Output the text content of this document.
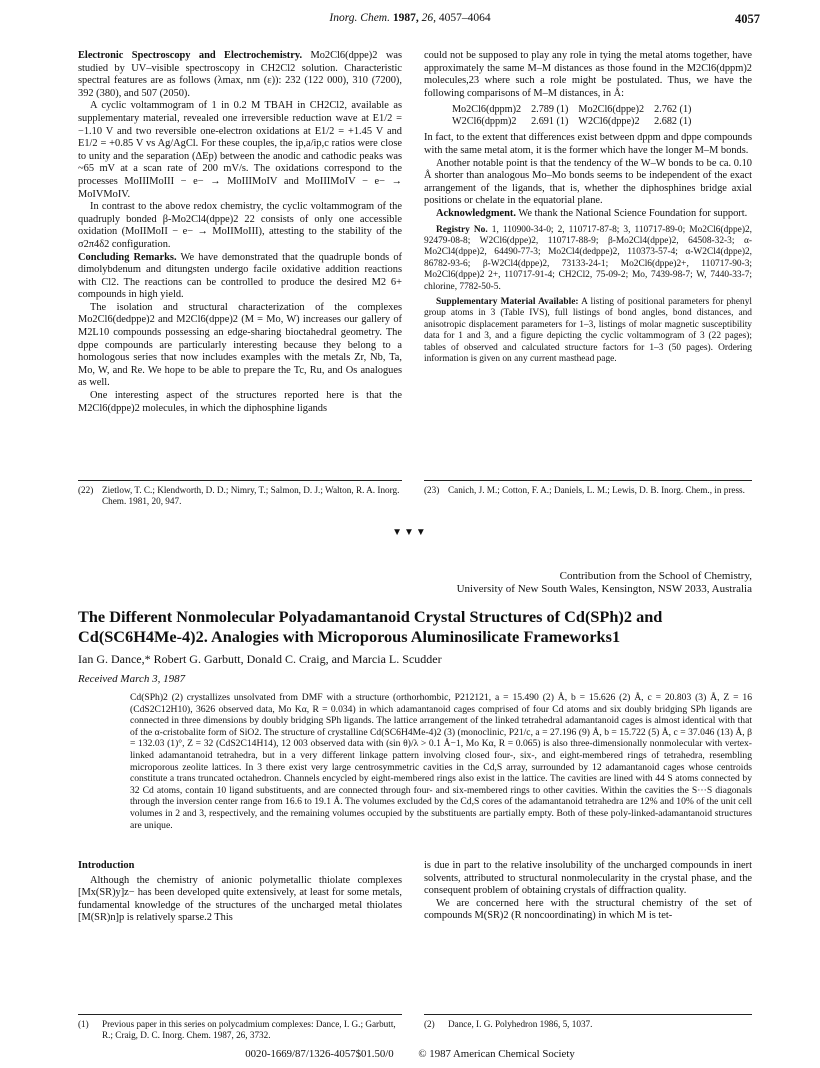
Inorg. Chem. 1987, 26, 4057–4064	4057

Electronic Spectroscopy and Electrochemistry. Mo2Cl6(dppe)2 was studied by UV–visible spectroscopy in CH2Cl2 solution. Characteristic spectral features are as follows (λmax, nm (ε)): 232 (122 000), 310 (7200), 392 (380), and 507 (2050).

A cyclic voltammogram of 1 in 0.2 M TBAH in CH2Cl2, available as supplementary material, revealed one irreversible reduction wave at E1/2 = −1.10 V and two reversible one-electron oxidations at E1/2 = +1.45 V and E1/2 = +0.85 V vs Ag/AgCl. For these couples, the ip,a/ip,c ratios were close to unity and the separation (ΔEp) between the anodic and cathodic peaks was ~65 mV at a scan rate of 200 mV/s. The oxidations correspond to the processes MoIIIMoIII − e− → MoIIIMoIV and MoIIIMoIV − e− → MoIVMoIV.

In contrast to the above redox chemistry, the cyclic voltammogram of the quadruply bonded β-Mo2Cl4(dppe)2 22 consists of only one accessible oxidation (MoIIMoII − e− → MoIIMoIII), attesting to the stability of the σ2π4δ2 configuration.

Concluding Remarks. We have demonstrated that the quadruple bonds of dimolybdenum and ditungsten undergo facile oxidative addition reactions with Cl2. The reactions can be controlled to produce the desired M2 6+ compounds in high yield.

The isolation and structural characterization of the complexes Mo2Cl6(dedppe)2 and M2Cl6(dppe)2 (M = Mo, W) increases our gallery of M2L10 compounds possessing an edge-sharing bioctahedral geometry. The dppe compounds are particularly interesting because they belong to a homologous series that now includes examples with the metals Zr, Nb, Ta, Mo, W, and Re. We hope to be able to prepare the Tc, Ru, and Os analogues as well.

One interesting aspect of the structures reported here is that the M2Cl6(dppe)2 molecules, in which the diphosphine ligands

could not be supposed to play any role in tying the metal atoms together, have approximately the same M–M distances as those found in the M2Cl6(dppm)2 molecules,23 where such a role might be postulated. Thus, we have the following comparisons of M–M distances, in Å:

Mo2Cl6(dppm)2	2.789 (1)	Mo2Cl6(dppe)2	2.762 (1)
W2Cl6(dppm)2	2.691 (1)	W2Cl6(dppe)2	2.682 (1)

In fact, to the extent that differences exist between dppm and dppe compounds with the same metal atom, it is the former which have the longer M–M bonds.

Another notable point is that the tendency of the W–W bonds to be ca. 0.10 Å shorter than analogous Mo–Mo bonds seems to be independent of the exact arrangement of the ligands, that is, whether the diphosphines bridge axial positions or chelate in the equatorial plane.

Acknowledgment. We thank the National Science Foundation for support.

Registry No. 1, 110900-34-0; 2, 110717-87-8; 3, 110717-89-0; Mo2Cl6(dppe)2, 92479-08-8; W2Cl6(dppe)2, 110717-88-9; β-Mo2Cl4(dppe)2, 64508-32-3; α-Mo2Cl4(dppe)2, 64490-77-3; Mo2Cl4(dedppe)2, 110373-57-4; α-W2Cl4(dppe)2, 86782-93-6; β-W2Cl4(dppe)2, 73133-24-1; Mo2Cl6(dppe)2+, 110717-90-3; Mo2Cl6(dppe)2 2+, 110717-91-4; CH2Cl2, 75-09-2; Mo, 7439-98-7; W, 7440-33-7; chlorine, 7782-50-5.

Supplementary Material Available: A listing of positional parameters for phenyl group atoms in 3 (Table IVS), full listings of bond angles, bond distances, and anisotropic displacement parameters for 1–3, listings of molar magnetic susceptibility data for 1 and 3, and a figure depicting the cyclic voltammogram of 3 (22 pages); tables of observed and calculated structure factors for 1–3 (50 pages). Ordering information is given on any current masthead page.

(22) Zietlow, T. C.; Klendworth, D. D.; Nimry, T.; Salmon, D. J.; Walton, R. A. Inorg. Chem. 1981, 20, 947.
(23) Canich, J. M.; Cotton, F. A.; Daniels, L. M.; Lewis, D. B. Inorg. Chem., in press.
▼▼▼
Contribution from the School of Chemistry,
University of New South Wales, Kensington, NSW 2033, Australia
The Different Nonmolecular Polyadamantanoid Crystal Structures of Cd(SPh)2 and Cd(SC6H4Me-4)2. Analogies with Microporous Aluminosilicate Frameworks1
Ian G. Dance,* Robert G. Garbutt, Donald C. Craig, and Marcia L. Scudder
Received March 3, 1987
Cd(SPh)2 (2) crystallizes unsolvated from DMF with a structure (orthorhombic, P212121, a = 15.490 (2) Å, b = 15.626 (2) Å, c = 20.803 (3) Å, Z = 16 (CdS2C12H10), 3626 observed data, Mo Kα, R = 0.034) in which adamantanoid cages comprised of four Cd atoms and six doubly bridging SPh ligands are connected in three dimensions by doubly bridging SPh ligands. The lattice arrangement of the linked tetrahedral adamantanoid cages is almost identical with that of the α-cristobalite form of SiO2. The structure of crystalline Cd(SC6H4Me-4)2 (3) (monoclinic, P21/c, a = 27.196 (9) Å, b = 15.722 (5) Å, c = 37.046 (13) Å, β = 132.03 (1)°, Z = 32 (CdS2C14H14), 12 003 observed data with (sin θ)/λ > 0.1 Å−1, Mo Kα, R = 0.065) is also three-dimensionally nonmolecular with vertex-linked adamantanoid tetrahedra, but in a very different linkage pattern involving closed four-, six-, and eight-membered rings of tetrahedra, resembling microporous zeolite lattices. In 3 there exist very large centrosymmetric cavities in the Cd,S array, surrounded by 12 adamantanoid cages whose centroids constitute a trans truncated octahedron. Channels encycled by eight-membered rings also exist in the lattice. The cavities are lined with 44 S atoms connected by 32 Cd atoms, contain 10 ligand substituents, and are connected through four- and six-membered rings to other cavities. Within the cavities the S···S diagonals through the inversion center range from 16.6 to 19.1 Å. The volumes excluded by the Cd,S cores of the adamantanoid tetrahedra are 12% and 10% of the unit cell volumes in 2 and 3, respectively, and the remaining volumes occupied by the substituents are partially empty. Both of these poly-linked-adamantanoid structures are unique.
Introduction

Although the chemistry of anionic polymetallic thiolate complexes [Mx(SR)y]z− has been developed quite extensively, at least for some metals, fundamental knowledge of the structures of the uncharged metal thiolates [M(SR)n]p is relatively sparse.2 This

is due in part to the relative insolubility of the uncharged compounds in inert solvents, attributed to structural nonmolecularity in the crystal phase, and the consequent problem of obtaining crystals of diffraction quality.

We are concerned here with the structural chemistry of the set of compounds M(SR)2 (R noncoordinating) in which M is tet-

(1)	Previous paper in this series on polycadmium complexes: Dance, I. G.; Garbutt, R.; Craig, D. C. Inorg. Chem. 1987, 26, 3732.
(2)	Dance, I. G. Polyhedron 1986, 5, 1037.
0020-1669/87/1326-4057$01.50/0 © 1987 American Chemical Society
